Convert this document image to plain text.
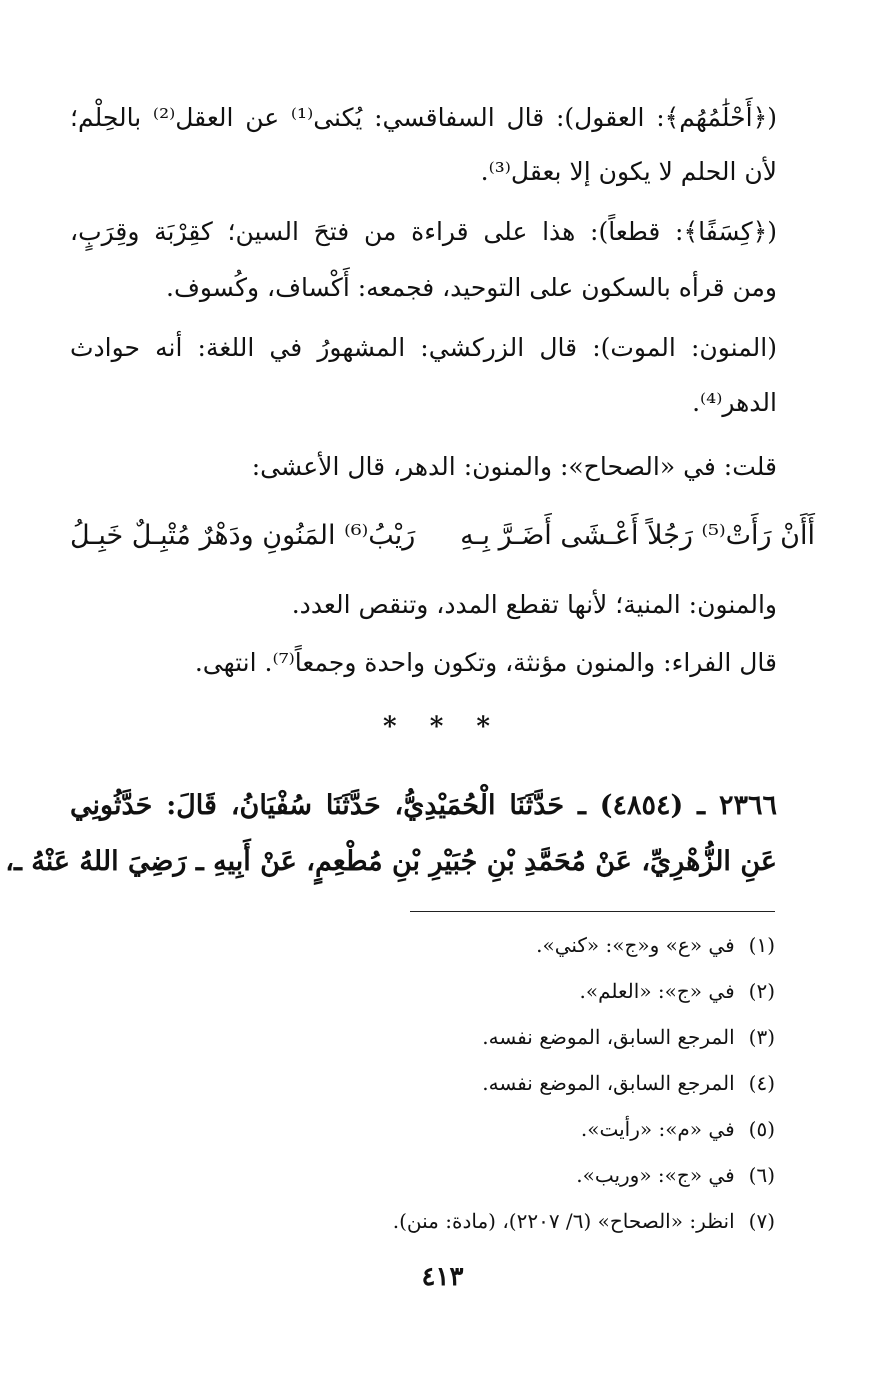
(﴿أَحْلَٰمُهُم﴾: العقول): قال السفاقسي: يُكنى⁽¹⁾ عن العقل⁽²⁾ بالحِلْم؛
لأن الحلم لا يكون إلا بعقل⁽³⁾.
(﴿كِسَفًا﴾: قطعاً): هذا على قراءة من فتحَ السين؛ كقِرْبَة وقِرَبٍ،
ومن قرأه بالسكون على التوحيد، فجمعه: أَكْساف، وكُسوف.
(المنون: الموت): قال الزركشي: المشهورُ في اللغة: أنه حوادث
الدهر⁽⁴⁾.
قلت: في «الصحاح»: والمنون: الدهر، قال الأعشى:
أَأَنْ رَأَتْ⁽⁵⁾ رَجُلاً أَعْـشَى أَضَـرَّ بِـهِ
رَيْبُ⁽⁶⁾ المَنُونِ ودَهْرٌ مُتْبِـلٌ خَبِـلُ
والمنون: المنية؛ لأنها تقطع المدد، وتنقص العدد.
قال الفراء: والمنون مؤنثة، وتكون واحدة وجمعاً⁽⁷⁾. انتهى.
* * *
٢٣٦٦ ـ (٤٨٥٤) ـ حَدَّثَنَا الْحُمَيْدِيُّ، حَدَّثَنَا سُفْيَانُ، قَالَ: حَدَّثُونِي
عَنِ الزُّهْرِيِّ، عَنْ مُحَمَّدِ بْنِ جُبَيْرِ بْنِ مُطْعِمٍ، عَنْ أَبِيهِ ـ رَضِيَ اللهُ عَنْهُ ـ،
(١) في «ع» و«ج»: «كني».
(٢) في «ج»: «العلم».
(٣) المرجع السابق، الموضع نفسه.
(٤) المرجع السابق، الموضع نفسه.
(٥) في «م»: «رأيت».
(٦) في «ج»: «وريب».
(٧) انظر: «الصحاح» (٦/ ٢٢٠٧)، (مادة: منن).
٤١٣
